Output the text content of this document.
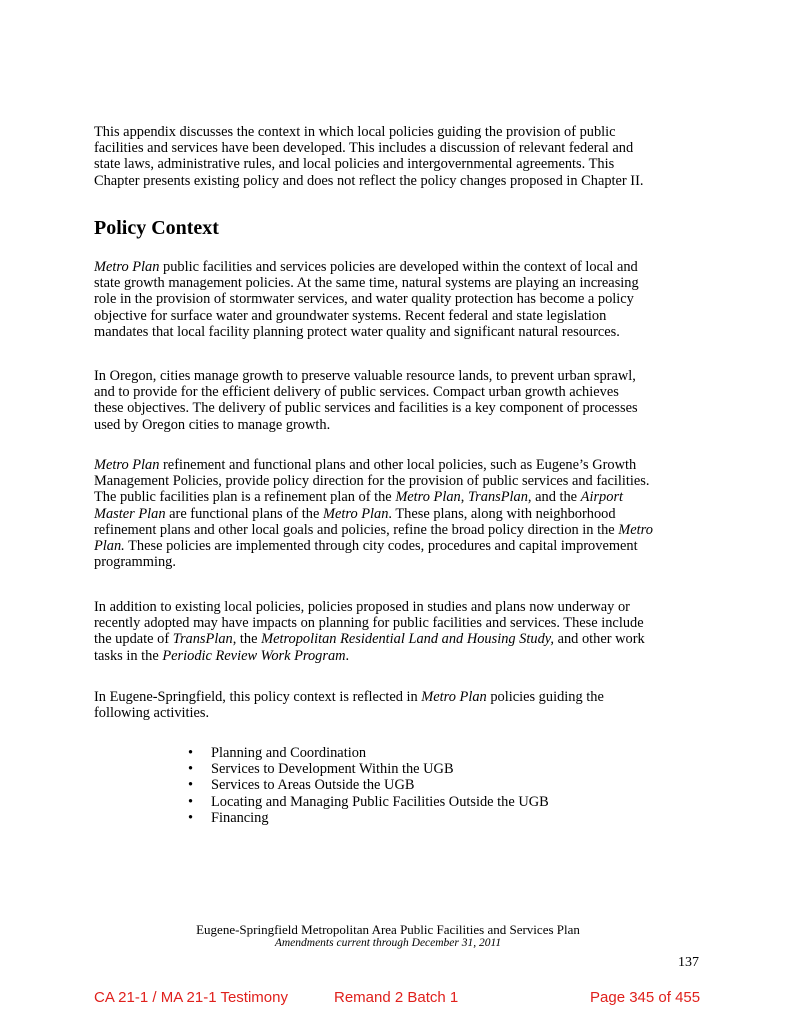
This appendix discusses the context in which local policies guiding the provision of public
facilities and services have been developed. This includes a discussion of relevant federal and
state laws, administrative rules, and local policies and intergovernmental agreements. This
Chapter presents existing policy and does not reflect the policy changes proposed in Chapter II.
Policy Context
Metro Plan public facilities and services policies are developed within the context of local and
state growth management policies. At the same time, natural systems are playing an increasing
role in the provision of stormwater services, and water quality protection has become a policy
objective for surface water and groundwater systems. Recent federal and state legislation
mandates that local facility planning protect water quality and significant natural resources.
In Oregon, cities manage growth to preserve valuable resource lands, to prevent urban sprawl,
and to provide for the efficient delivery of public services. Compact urban growth achieves
these objectives. The delivery of public services and facilities is a key component of processes
used by Oregon cities to manage growth.
Metro Plan refinement and functional plans and other local policies, such as Eugene’s Growth
Management Policies, provide policy direction for the provision of public services and facilities.
The public facilities plan is a refinement plan of the Metro Plan, TransPlan, and the Airport
Master Plan are functional plans of the Metro Plan. These plans, along with neighborhood
refinement plans and other local goals and policies, refine the broad policy direction in the Metro
Plan. These policies are implemented through city codes, procedures and capital improvement
programming.
In addition to existing local policies, policies proposed in studies and plans now underway or
recently adopted may have impacts on planning for public facilities and services. These include
the update of TransPlan, the Metropolitan Residential Land and Housing Study, and other work
tasks in the Periodic Review Work Program.
In Eugene-Springfield, this policy context is reflected in Metro Plan policies guiding the
following activities.
• Planning and Coordination
• Services to Development Within the UGB
• Services to Areas Outside the UGB
• Locating and Managing Public Facilities Outside the UGB
• Financing
Eugene-Springfield Metropolitan Area Public Facilities and Services Plan
Amendments current through December 31, 2011
137
CA 21-1 / MA 21-1 Testimony	Remand 2 Batch 1	Page 345 of 455
